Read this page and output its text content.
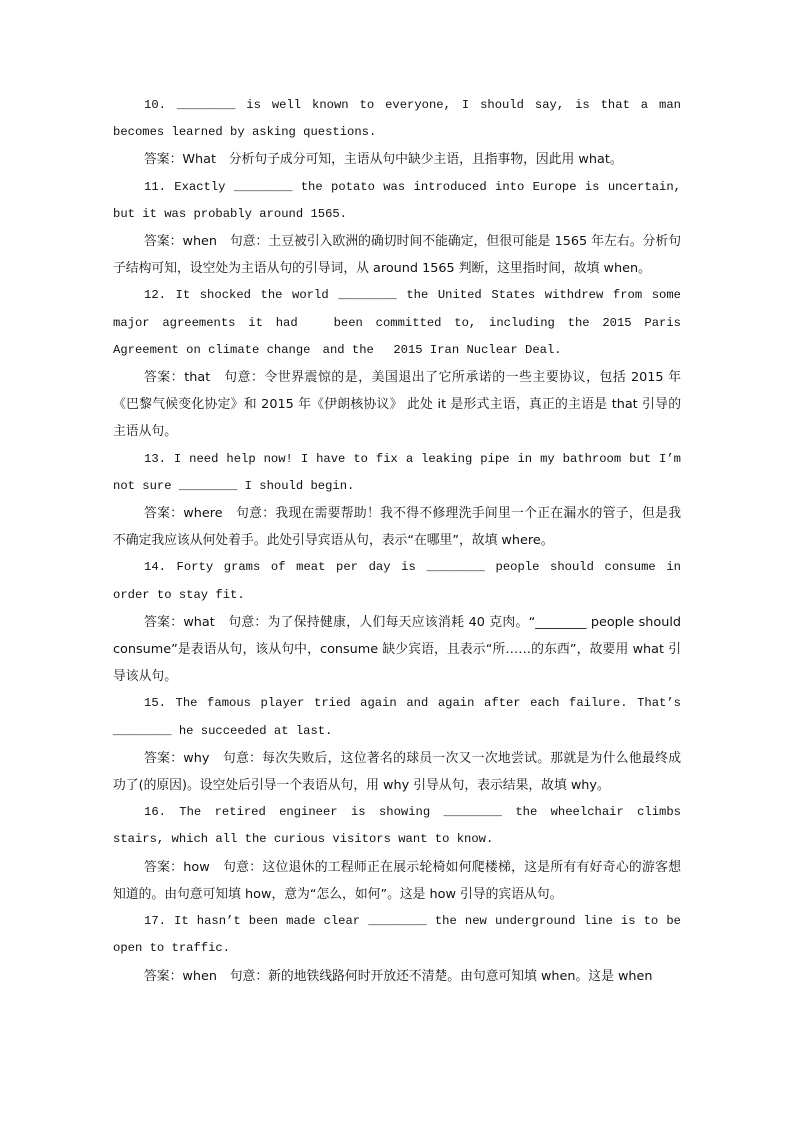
10. ________ is well known to everyone, I should say, is that a man becomes learned by asking questions.

答案：What　分析句子成分可知，主语从句中缺少主语，且指事物，因此用 what。

11. Exactly ________ the potato was introduced into Europe is uncertain, but it was probably around 1565.

答案：when　句意：土豆被引入欧洲的确切时间不能确定，但很可能是 1565 年左右。分析句子结构可知，设空处为主语从句的引导词，从 around 1565 判断，这里指时间，故填 when。

12. It shocked the world ________ the United States withdrew from some major agreements it had　 been committed to, including the 2015 Paris Agreement on climate change　and the　 2015 Iran Nuclear Deal.

答案：that　句意：令世界震惊的是，美国退出了它所承诺的一些主要协议，包括 2015 年《巴黎气候变化协定》和 2015 年《伊朗核协议》 此处 it 是形式主语，真正的主语是 that 引导的主语从句。

13. I need help now! I have to fix a leaking pipe in my bathroom but I’m not sure ________ I should begin.

答案：where　句意：我现在需要帮助！我不得不修理洗手间里一个正在漏水的管子，但是我不确定我应该从何处着手。此处引导宾语从句，表示“在哪里”，故填 where。

14. Forty grams of meat per day is ________ people should consume in order to stay fit.

答案：what　句意：为了保持健康，人们每天应该消耗 40 克肉。“________ people should consume”是表语从句，该从句中，consume 缺少宾语，且表示“所……的东西”，故要用 what 引导该从句。

15. The famous player tried again and again after each failure. That’s ________ he succeeded at last.

答案：why　句意：每次失败后，这位著名的球员一次又一次地尝试。那就是为什么他最终成功了(的原因)。设空处后引导一个表语从句，用 why 引导从句，表示结果，故填 why。

16. The retired engineer is showing ________ the wheelchair climbs stairs, which all the curious visitors want to know.

答案：how　句意：这位退休的工程师正在展示轮椅如何爬楼梯，这是所有有好奇心的游客想知道的。由句意可知填 how，意为“怎么，如何”。这是 how 引导的宾语从句。

17. It hasn’t been made clear ________ the new underground line is to be open to traffic.

答案：when　句意：新的地铁线路何时开放还不清楚。由句意可知填 when。这是 when
